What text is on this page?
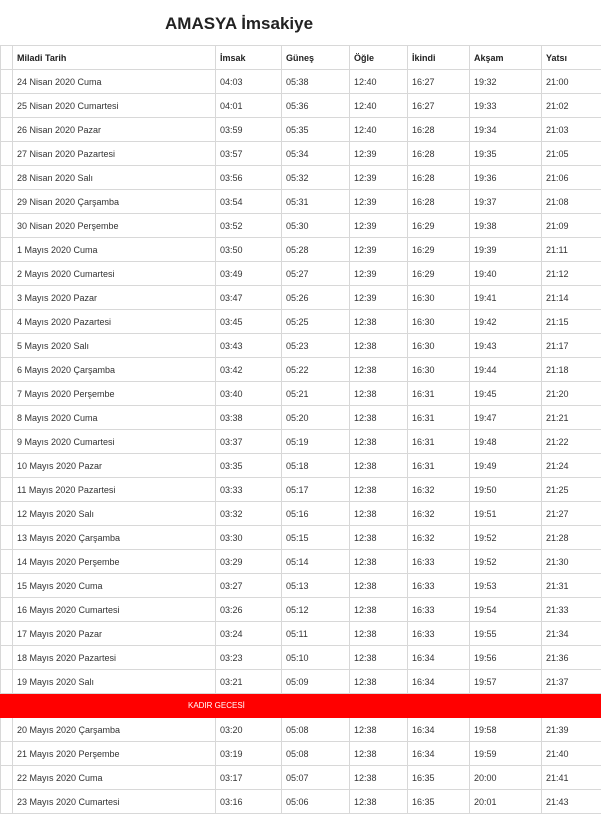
AMASYA İmsakiye
	Miladi Tarih	İmsak	Güneş	Öğle	İkindi	Akşam	Yatsı
	24 Nisan 2020 Cuma	04:03	05:38	12:40	16:27	19:32	21:00
	25 Nisan 2020 Cumartesi	04:01	05:36	12:40	16:27	19:33	21:02
	26 Nisan 2020 Pazar	03:59	05:35	12:40	16:28	19:34	21:03
	27 Nisan 2020 Pazartesi	03:57	05:34	12:39	16:28	19:35	21:05
	28 Nisan 2020 Salı	03:56	05:32	12:39	16:28	19:36	21:06
	29 Nisan 2020 Çarşamba	03:54	05:31	12:39	16:28	19:37	21:08
	30 Nisan 2020 Perşembe	03:52	05:30	12:39	16:29	19:38	21:09
	1 Mayıs 2020 Cuma	03:50	05:28	12:39	16:29	19:39	21:11
	2 Mayıs 2020 Cumartesi	03:49	05:27	12:39	16:29	19:40	21:12
	3 Mayıs 2020 Pazar	03:47	05:26	12:39	16:30	19:41	21:14
	4 Mayıs 2020 Pazartesi	03:45	05:25	12:38	16:30	19:42	21:15
	5 Mayıs 2020 Salı	03:43	05:23	12:38	16:30	19:43	21:17
	6 Mayıs 2020 Çarşamba	03:42	05:22	12:38	16:30	19:44	21:18
	7 Mayıs 2020 Perşembe	03:40	05:21	12:38	16:31	19:45	21:20
	8 Mayıs 2020 Cuma	03:38	05:20	12:38	16:31	19:47	21:21
	9 Mayıs 2020 Cumartesi	03:37	05:19	12:38	16:31	19:48	21:22
	10 Mayıs 2020 Pazar	03:35	05:18	12:38	16:31	19:49	21:24
	11 Mayıs 2020 Pazartesi	03:33	05:17	12:38	16:32	19:50	21:25
	12 Mayıs 2020 Salı	03:32	05:16	12:38	16:32	19:51	21:27
	13 Mayıs 2020 Çarşamba	03:30	05:15	12:38	16:32	19:52	21:28
	14 Mayıs 2020 Perşembe	03:29	05:14	12:38	16:33	19:52	21:30
	15 Mayıs 2020 Cuma	03:27	05:13	12:38	16:33	19:53	21:31
	16 Mayıs 2020 Cumartesi	03:26	05:12	12:38	16:33	19:54	21:33
	17 Mayıs 2020 Pazar	03:24	05:11	12:38	16:33	19:55	21:34
	18 Mayıs 2020 Pazartesi	03:23	05:10	12:38	16:34	19:56	21:36
	19 Mayıs 2020 Salı	03:21	05:09	12:38	16:34	19:57	21:37
KADIR GECESİ							
	20 Mayıs 2020 Çarşamba	03:20	05:08	12:38	16:34	19:58	21:39
	21 Mayıs 2020 Perşembe	03:19	05:08	12:38	16:34	19:59	21:40
	22 Mayıs 2020 Cuma	03:17	05:07	12:38	16:35	20:00	21:41
	23 Mayıs 2020 Cumartesi	03:16	05:06	12:38	16:35	20:01	21:43
